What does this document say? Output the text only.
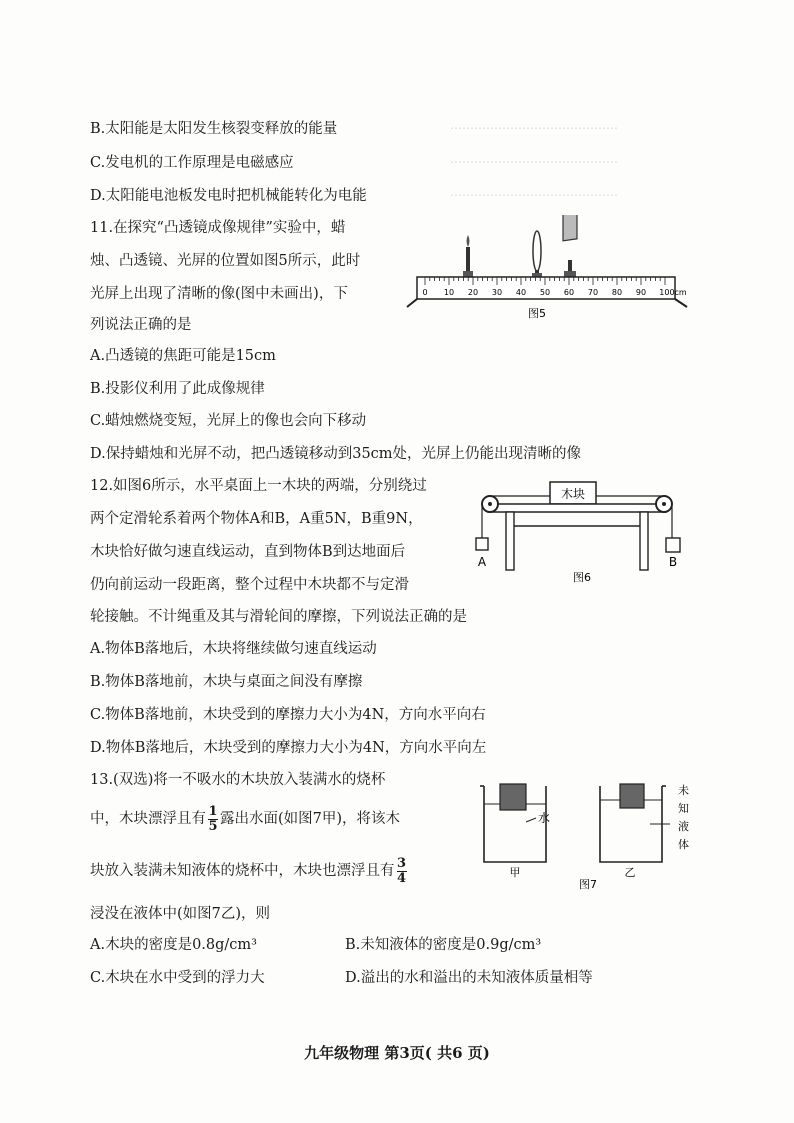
……………………………………
……………………………………
……………………………………
B.太阳能是太阳发生核裂变释放的能量
C.发电机的工作原理是电磁感应
D.太阳能电池板发电时把机械能转化为电能
11.在探究“凸透镜成像规律”实验中，蜡
烛、凸透镜、光屏的位置如图5所示，此时
光屏上出现了清晰的像(图中未画出)，下
列说法正确的是
A.凸透镜的焦距可能是15cm
B.投影仪利用了此成像规律
C.蜡烛燃烧变短，光屏上的像也会向下移动
D.保持蜡烛和光屏不动，把凸透镜移动到35cm处，光屏上仍能出现清晰的像
0 10 20 30 40 50 60 70 80 90 100cm
图5
12.如图6所示，水平桌面上一木块的两端，分别绕过
两个定滑轮系着两个物体A和B，A重5N，B重9N，
木块恰好做匀速直线运动，直到物体B到达地面后
仍向前运动一段距离，整个过程中木块都不与定滑
轮接触。不计绳重及其与滑轮间的摩擦，下列说法正确的是
A.物体B落地后，木块将继续做匀速直线运动
B.物体B落地前，木块与桌面之间没有摩擦
C.物体B落地前，木块受到的摩擦力大小为4N，方向水平向右
D.物体B落地后，木块受到的摩擦力大小为4N，方向水平向左
木块
A	B
图6
13.(双选)将一不吸水的木块放入装满水的烧杯
中，木块漂浮且有 $\frac{1}{5}$ 露出水面(如图7甲)，将该木
块放入装满未知液体的烧杯中，木块也漂浮且有 $\frac{3}{4}$
浸没在液体中(如图7乙)，则
A.木块的密度是0.8g/cm³	B.未知液体的密度是0.9g/cm³
C.木块在水中受到的浮力大	D.溢出的水和溢出的未知液体质量相等
水
甲
未
知
液
体
乙
图7
九年级物理 第3页( 共6 页)
